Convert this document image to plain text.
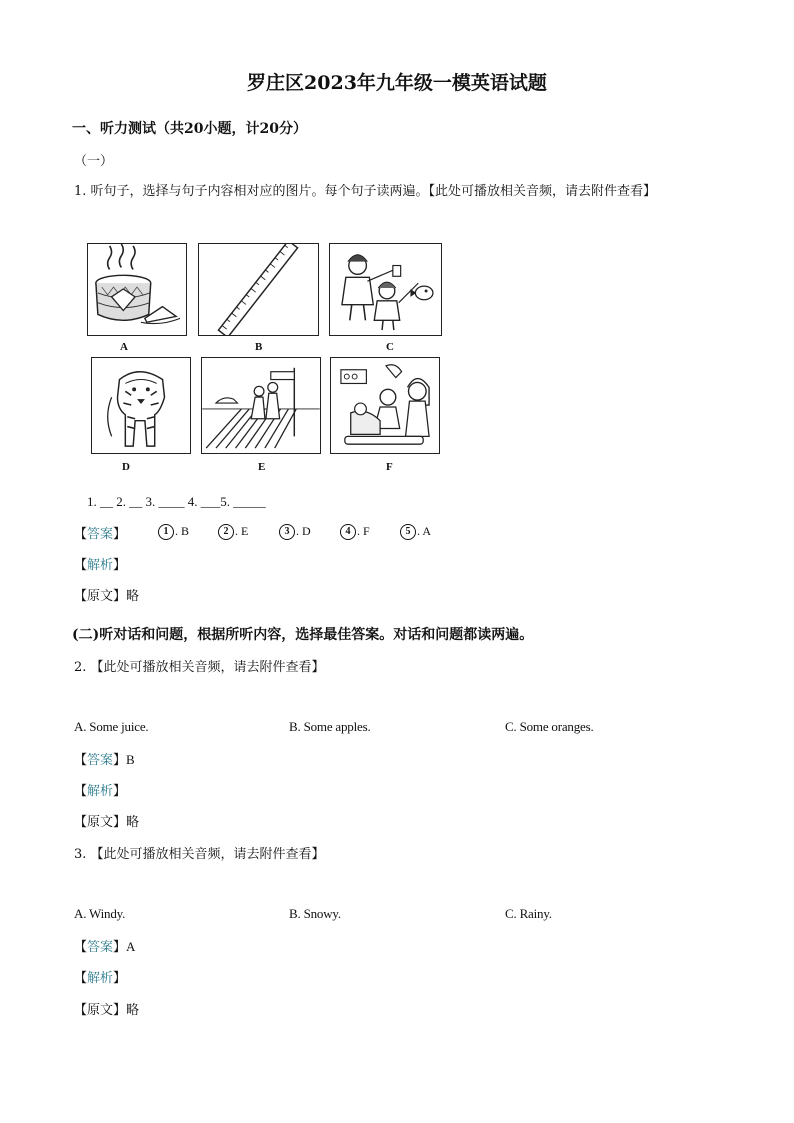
罗庄区2023年九年级一模英语试题
一、听力测试（共20小题，计20分）
（一）
1. 听句子，选择与句子内容相对应的图片。每个句子读两遍。【此处可播放相关音频，请去附件查看】
A	B	C
D	E	F
1. __ 2. __ 3. ____ 4. ___5. _____
【答案】	1 . B	2 . E	3 . D	4 . F	5 . A
【解析】
【原文】略
(二)听对话和问题，根据所听内容，选择最佳答案。对话和问题都读两遍。
2. 【此处可播放相关音频，请去附件查看】
A. Some juice.	B. Some apples.	C. Some oranges.
【答案】B
【解析】
【原文】略
3. 【此处可播放相关音频，请去附件查看】
A. Windy.	B. Snowy.	C. Rainy.
【答案】A
【解析】
【原文】略
